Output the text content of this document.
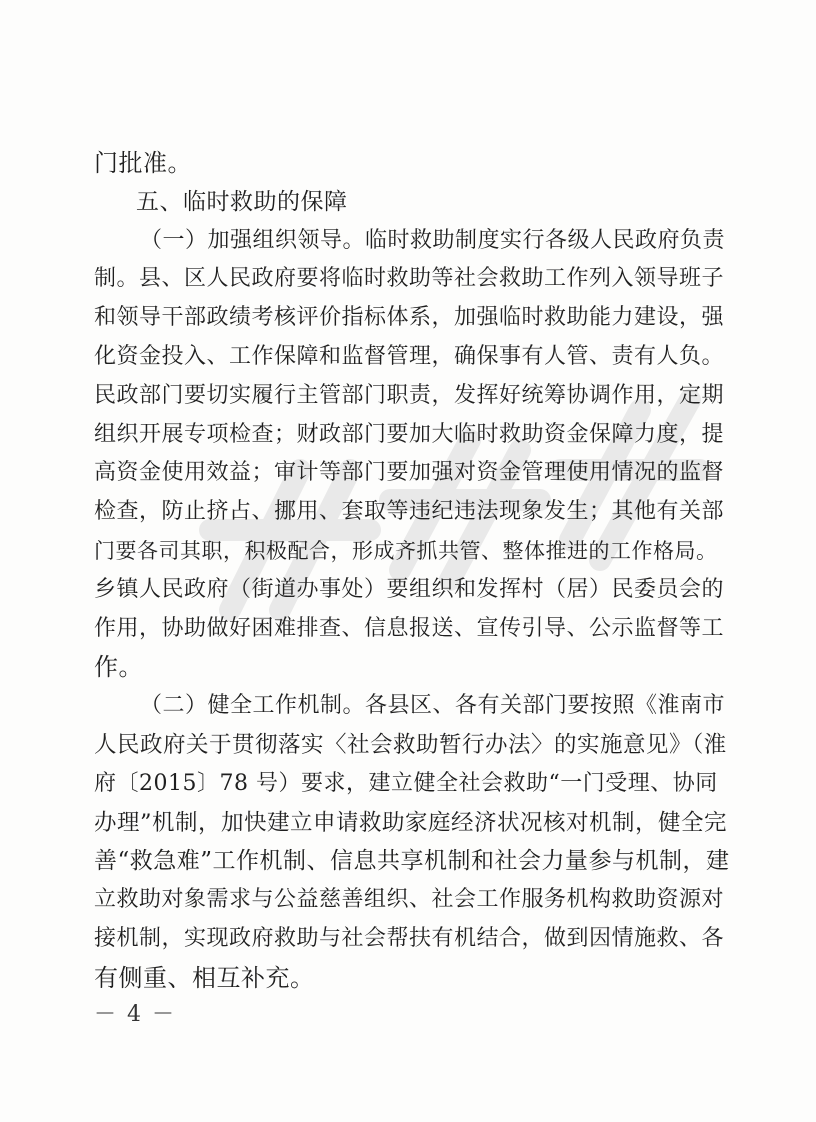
门批准。
五、临时救助的保障
（一）加强组织领导。临时救助制度实行各级人民政府负责
制。县、区人民政府要将临时救助等社会救助工作列入领导班子
和领导干部政绩考核评价指标体系，加强临时救助能力建设，强
化资金投入、工作保障和监督管理，确保事有人管、责有人负。
民政部门要切实履行主管部门职责，发挥好统筹协调作用，定期
组织开展专项检查；财政部门要加大临时救助资金保障力度，提
高资金使用效益；审计等部门要加强对资金管理使用情况的监督
检查，防止挤占、挪用、套取等违纪违法现象发生；其他有关部
门要各司其职，积极配合，形成齐抓共管、整体推进的工作格局。
乡镇人民政府（街道办事处）要组织和发挥村（居）民委员会的
作用，协助做好困难排查、信息报送、宣传引导、公示监督等工
作。
（二）健全工作机制。各县区、各有关部门要按照《淮南市
人民政府关于贯彻落实〈社会救助暂行办法〉的实施意见》（淮
府〔2015〕78 号）要求，建立健全社会救助“一门受理、协同
办理”机制，加快建立申请救助家庭经济状况核对机制，健全完
善“救急难”工作机制、信息共享机制和社会力量参与机制，建
立救助对象需求与公益慈善组织、社会工作服务机构救助资源对
接机制，实现政府救助与社会帮扶有机结合，做到因情施救、各
有侧重、相互补充。
－ 4 －
